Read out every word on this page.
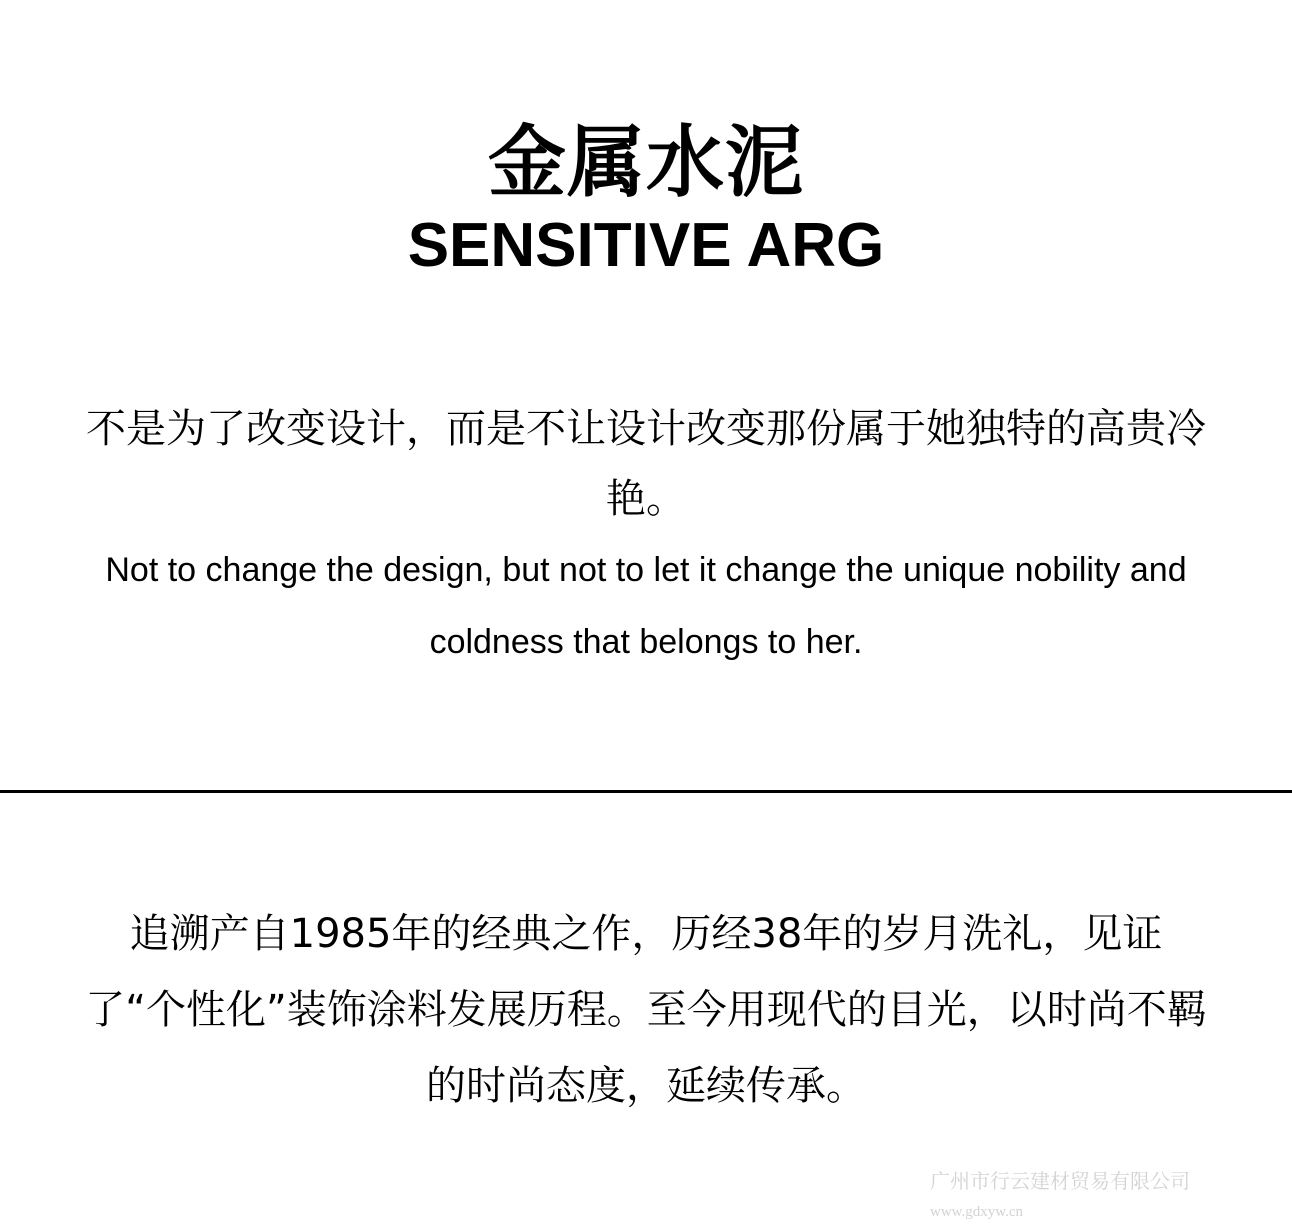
金属水泥
SENSITIVE ARG
不是为了改变设计，而是不让设计改变那份属于她独特的高贵冷艳。
Not to change the design, but not to let it change the unique nobility and coldness that belongs to her.
追溯产自1985年的经典之作，历经38年的岁月洗礼，见证了“个性化”装饰涂料发展历程。至今用现代的目光，以时尚不羁的时尚态度，延续传承。
广州市行云建材贸易有限公司
www.gdxyw.cn
